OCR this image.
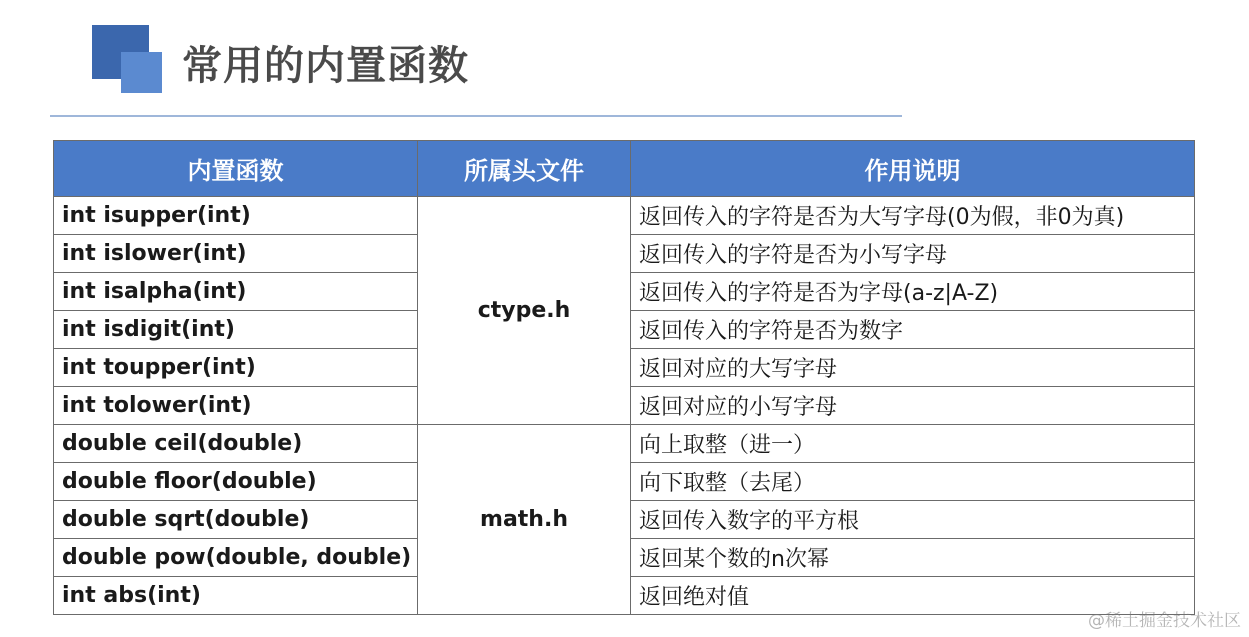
常用的内置函数
内置函数	所属头文件	作用说明
int isupper(int)	ctype.h	返回传入的字符是否为大写字母(0为假，非0为真)
int islower(int)		返回传入的字符是否为小写字母
int isalpha(int)		返回传入的字符是否为字母(a-z|A-Z)
int isdigit(int)		返回传入的字符是否为数字
int toupper(int)		返回对应的大写字母
int tolower(int)		返回对应的小写字母
double ceil(double)	math.h	向上取整（进一）
double floor(double)		向下取整（去尾）
double sqrt(double)		返回传入数字的平方根
double pow(double, double)		返回某个数的n次幂
int abs(int)		返回绝对值
@稀土掘金技术社区
